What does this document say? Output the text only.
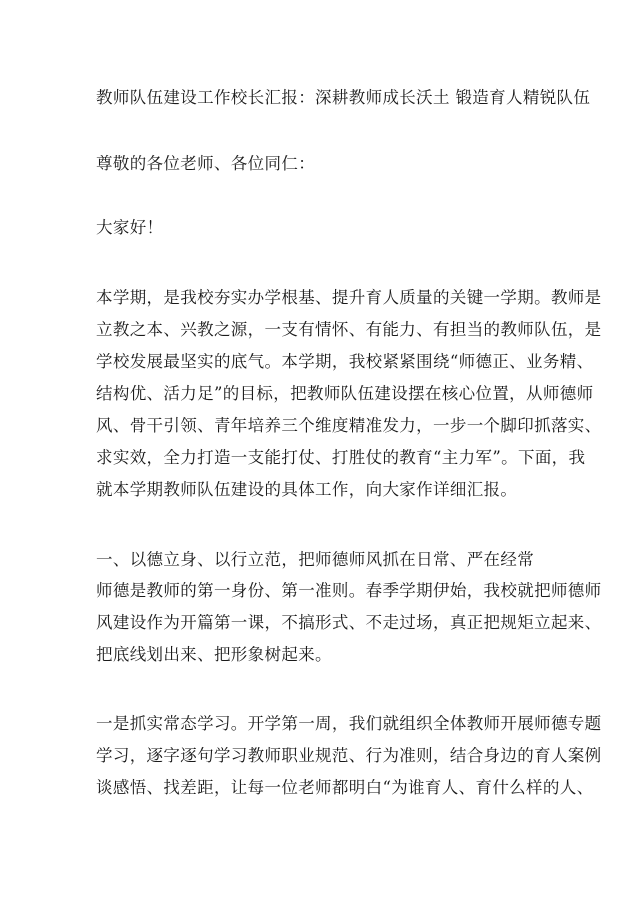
教师队伍建设工作校长汇报：深耕教师成长沃土 锻造育人精锐队伍
尊敬的各位老师、各位同仁：
大家好！
本学期，是我校夯实办学根基、提升育人质量的关键一学期。教师是
立教之本、兴教之源，一支有情怀、有能力、有担当的教师队伍，是
学校发展最坚实的底气。本学期，我校紧紧围绕“师德正、业务精、
结构优、活力足”的目标，把教师队伍建设摆在核心位置，从师德师
风、骨干引领、青年培养三个维度精准发力，一步一个脚印抓落实、
求实效，全力打造一支能打仗、打胜仗的教育“主力军”。下面，我
就本学期教师队伍建设的具体工作，向大家作详细汇报。
一、以德立身、以行立范，把师德师风抓在日常、严在经常
师德是教师的第一身份、第一准则。春季学期伊始，我校就把师德师
风建设作为开篇第一课，不搞形式、不走过场，真正把规矩立起来、
把底线划出来、把形象树起来。
一是抓实常态学习。开学第一周，我们就组织全体教师开展师德专题
学习，逐字逐句学习教师职业规范、行为准则，结合身边的育人案例
谈感悟、找差距，让每一位老师都明白“为谁育人、育什么样的人、
